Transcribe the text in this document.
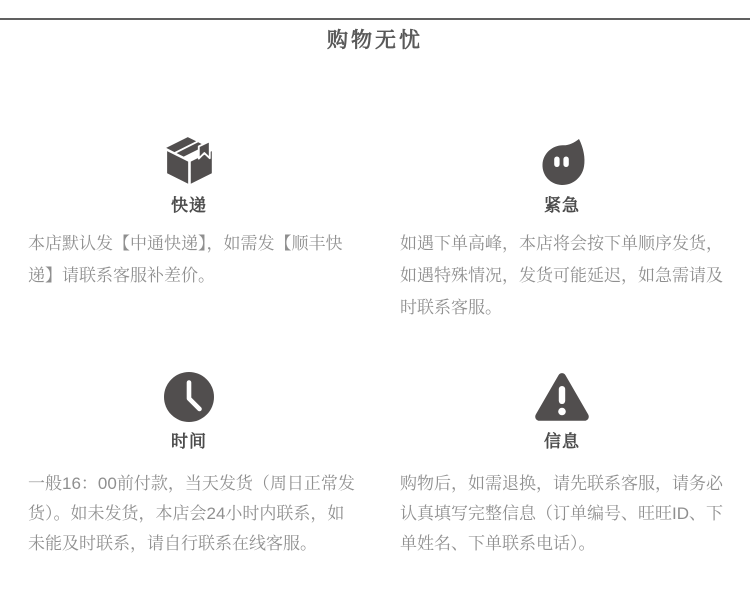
购物无忧
快递

本店默认发【中通快递】，如需发【顺丰快递】请联系客服补差价。

紧急

如遇下单高峰，本店将会按下单顺序发货，如遇特殊情况，发货可能延迟，如急需请及时联系客服。

时间

一般16：00前付款，当天发货（周日正常发货）。如未发货，本店会24小时内联系，如未能及时联系，请自行联系在线客服。

信息

购物后，如需退换，请先联系客服，请务必认真填写完整信息（订单编号、旺旺ID、下单姓名、下单联系电话）。
